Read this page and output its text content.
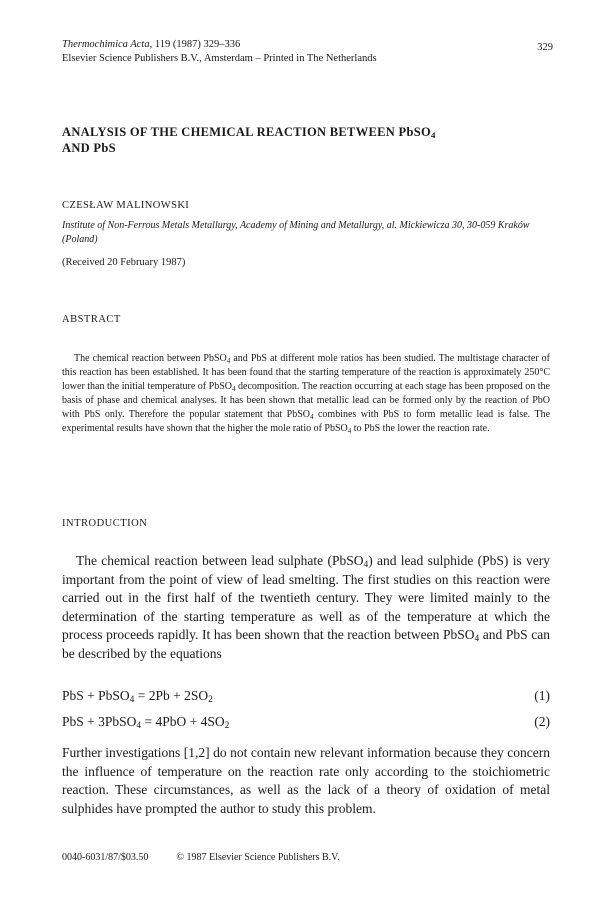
Thermochimica Acta, 119 (1987) 329–336
Elsevier Science Publishers B.V., Amsterdam – Printed in The Netherlands
329
ANALYSIS OF THE CHEMICAL REACTION BETWEEN PbSO$_4$
AND PbS
CZESŁAW MALINOWSKI
Institute of Non-Ferrous Metals Metallurgy, Academy of Mining and Metallurgy, al. Mickiewicza 30, 30-059 Kraków (Poland)
(Received 20 February 1987)
ABSTRACT
The chemical reaction between PbSO$_4$ and PbS at different mole ratios has been studied. The multistage character of this reaction has been established. It has been found that the starting temperature of the reaction is approximately 250°C lower than the initial temperature of PbSO$_4$ decomposition. The reaction occurring at each stage has been proposed on the basis of phase and chemical analyses. It has been shown that metallic lead can be formed only by the reaction of PbO with PbS only. Therefore the popular statement that PbSO$_4$ combines with PbS to form metallic lead is false. The experimental results have shown that the higher the mole ratio of PbSO$_4$ to PbS the lower the reaction rate.
INTRODUCTION
The chemical reaction between lead sulphate (PbSO$_4$) and lead sulphide (PbS) is very important from the point of view of lead smelting. The first studies on this reaction were carried out in the first half of the twentieth century. They were limited mainly to the determination of the starting temperature as well as of the temperature at which the process proceeds rapidly. It has been shown that the reaction between PbSO$_4$ and PbS can be described by the equations
PbS + PbSO$_4$ = $2Pb + 2SO_2$	(1)
PbS + 3PbSO$_4$ = $4PbO + 4SO_2$	(2)
Further investigations [1,2] do not contain new relevant information because they concern the influence of temperature on the reaction rate only according to the stoichiometric reaction. These circumstances, as well as the lack of a theory of oxidation of metal sulphides have prompted the author to study this problem.
0040-6031/87/$03.50	© 1987 Elsevier Science Publishers B.V.
